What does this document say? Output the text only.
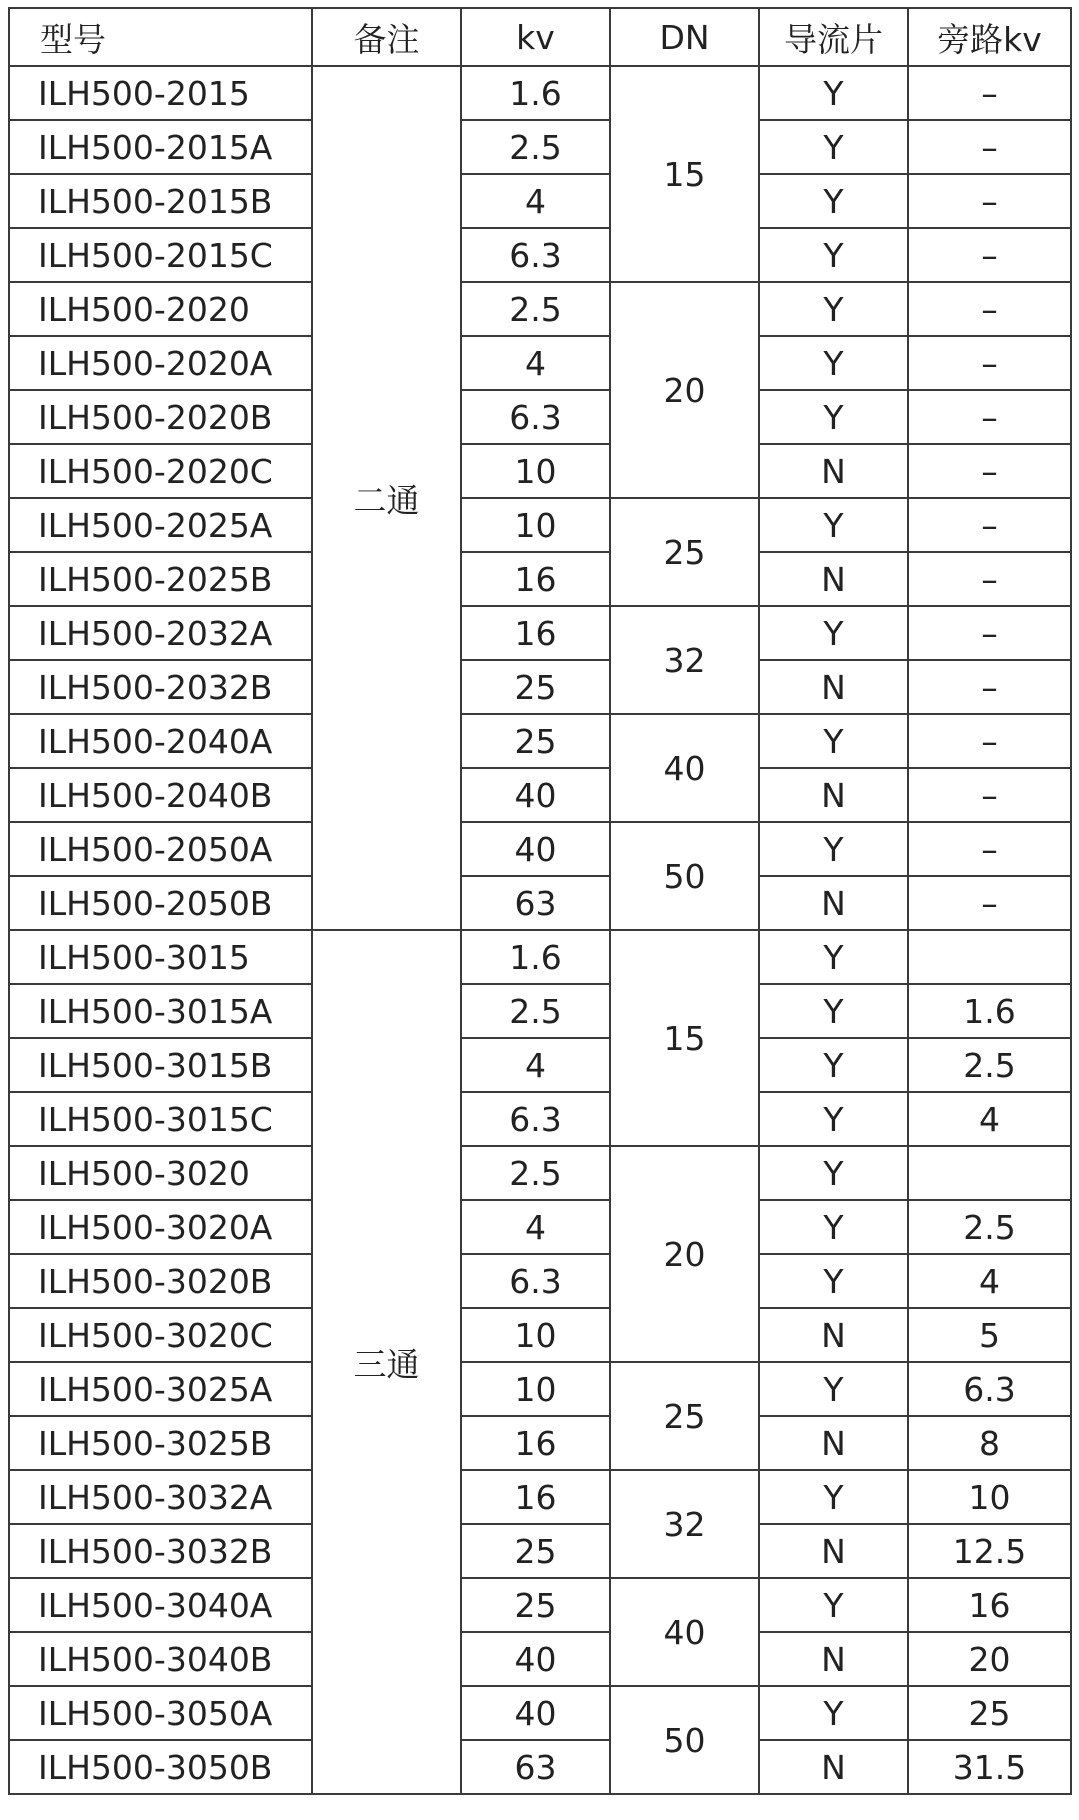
型号	备注	kv	DN	导流片	旁路kv
ILH500-2015	二通	1.6	15	Y	–
ILH500-2015A		2.5		Y	–
ILH500-2015B		4		Y	–
ILH500-2015C		6.3		Y	–
ILH500-2020		2.5	20	Y	–
ILH500-2020A		4		Y	–
ILH500-2020B		6.3		Y	–
ILH500-2020C		10		N	–
ILH500-2025A		10	25	Y	–
ILH500-2025B		16		N	–
ILH500-2032A		16	32	Y	–
ILH500-2032B		25		N	–
ILH500-2040A		25	40	Y	–
ILH500-2040B		40		N	–
ILH500-2050A		40	50	Y	–
ILH500-2050B		63		N	–
ILH500-3015	三通	1.6	15	Y	
ILH500-3015A		2.5		Y	1.6
ILH500-3015B		4		Y	2.5
ILH500-3015C		6.3		Y	4
ILH500-3020		2.5	20	Y	
ILH500-3020A		4		Y	2.5
ILH500-3020B		6.3		Y	4
ILH500-3020C		10		N	5
ILH500-3025A		10	25	Y	6.3
ILH500-3025B		16		N	8
ILH500-3032A		16	32	Y	10
ILH500-3032B		25		N	12.5
ILH500-3040A		25	40	Y	16
ILH500-3040B		40		N	20
ILH500-3050A		40	50	Y	25
ILH500-3050B		63		N	31.5
